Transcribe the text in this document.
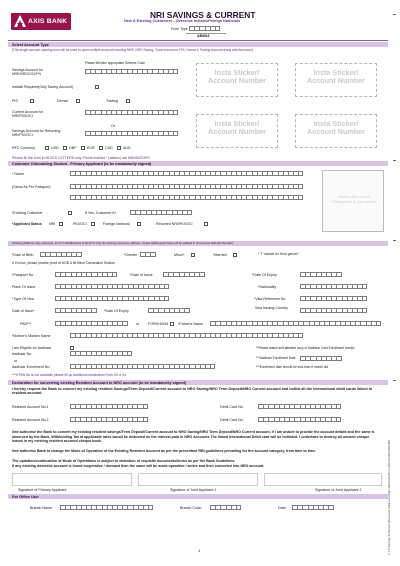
AXIS BANK
NRI SAVINGS & CURRENT
New & Existing Customers - Overseas Indians/Foreign Nationals
Form Type
AB003
Select Account Type
[This single account opening form will be used to open multiple account including NRE, NRO Saving, Current account, PIS, Demat & Trading Account along with Annexure]
Please Mention appropriate Scheme Code
Savings Account for NRE/NRO/OCI/FN
Instakit Required(Only Saving Account)
PIS	Demat	Trading
Current Account for NRI/PIO/OCI
Or
Savings Account for Returning NRI/PIO/OCI
RFC Currency	USD	GBP	EUR	CAD	AUD
Insta Sticker/
Account Number
Insta Sticker/
Account Number
Insta Sticker/
Account Number
Insta Sticker/
Account Number
Please fill the form in BLOCK LETTERS only. Fields marked * (asterix) are MANDATORY
Customer Onboarding Section - Primary Applicant (to be mandatorily signed)
* Name
(Same As Per Passport)
Please affix recent Photograph & sign across
*Existing Customer	If Yes, Customer ID
*Applicant Status NRI	PIO/OCI	Foreign National	Returned NRI/PIO/OCI
Following fields for new customers, are KYC Modifications or Re-KYC Only (for existing customers, address, contact details given below will be updated in all accounts held with the bank)
*Date of Birth
# If minor, please provide proof of DOB & fill Minor Declaration Section
*Gender	Minor*	*Married	* 'T' stands for 'third gender'
*Passport No	*Date of Issue	*Date Of Expiry
Place Of Issue	*Nationality
*Type Of Visa	*Visa Reference No
Date of Issue*	*Date Of Expiry
Visa Issuing Country
PAN***	or FORM 60/61	*Father's Name
*Mother's Maiden Name
I am Eligible for Aadhaar
Aadhaar No.
or
Aadhaar Enrollment No.
**Please attach self-attested copy of Aadhaar Card Enrollment receipt
***Aadhaar Enrollment Date
***Enrollment date should be less than 6 month old
***If PAN No is not available please fill up Additional declaration Form 60 or 61
Declaration for converting existing Resident Account to NRO account (to be mandatorily signed)
I hereby request the Bank to convert my existing resident Savings/Term Deposit/Current account to NRO Saving/NRO Term Deposit/NRO Current account and hotlist all the international debit cards linked to resident account.
Resident Account No.1	Debit Card No.
Resident Account No.2	Debit Card No.
I/we authorise the Bank to convert my existing resident savings/Term Deposit/Current account to NRO Saving/NRO Term Deposit/NRO Current account, if I am unable to provide the account details and the same is observed by the Bank. Withholding Tax at applicable rates would be deducted on the interest paid in NRO Accounts The linked international Debit card will be hotlisted. I undertake to destroy all unused cheque leaves in my existing resident account cheque book.
I/we authorise Bank to change the Mode of Operation of the Existing Resident Account as per the prescribed RBI guidelines prevailing for the account category, from time to time.
The updation/continuation of Mode of Operations is subject to obtention of requisite documents/forms as per the Bank Guidelines.
If any existing domestic account is found inoperative / dormant then the same will be made operative / active and then converted into NRO account.
Signature of Primary Applicant	Signature of Joint Applicant 1	Signature of Joint Applicant 2
For Office Use:
Branch Name	Branch Code:	Date:
1	V 7.0 Savings & Current (Overseas Indians/Foreign Nationals)/06-1-2021/A/2021/001/008
